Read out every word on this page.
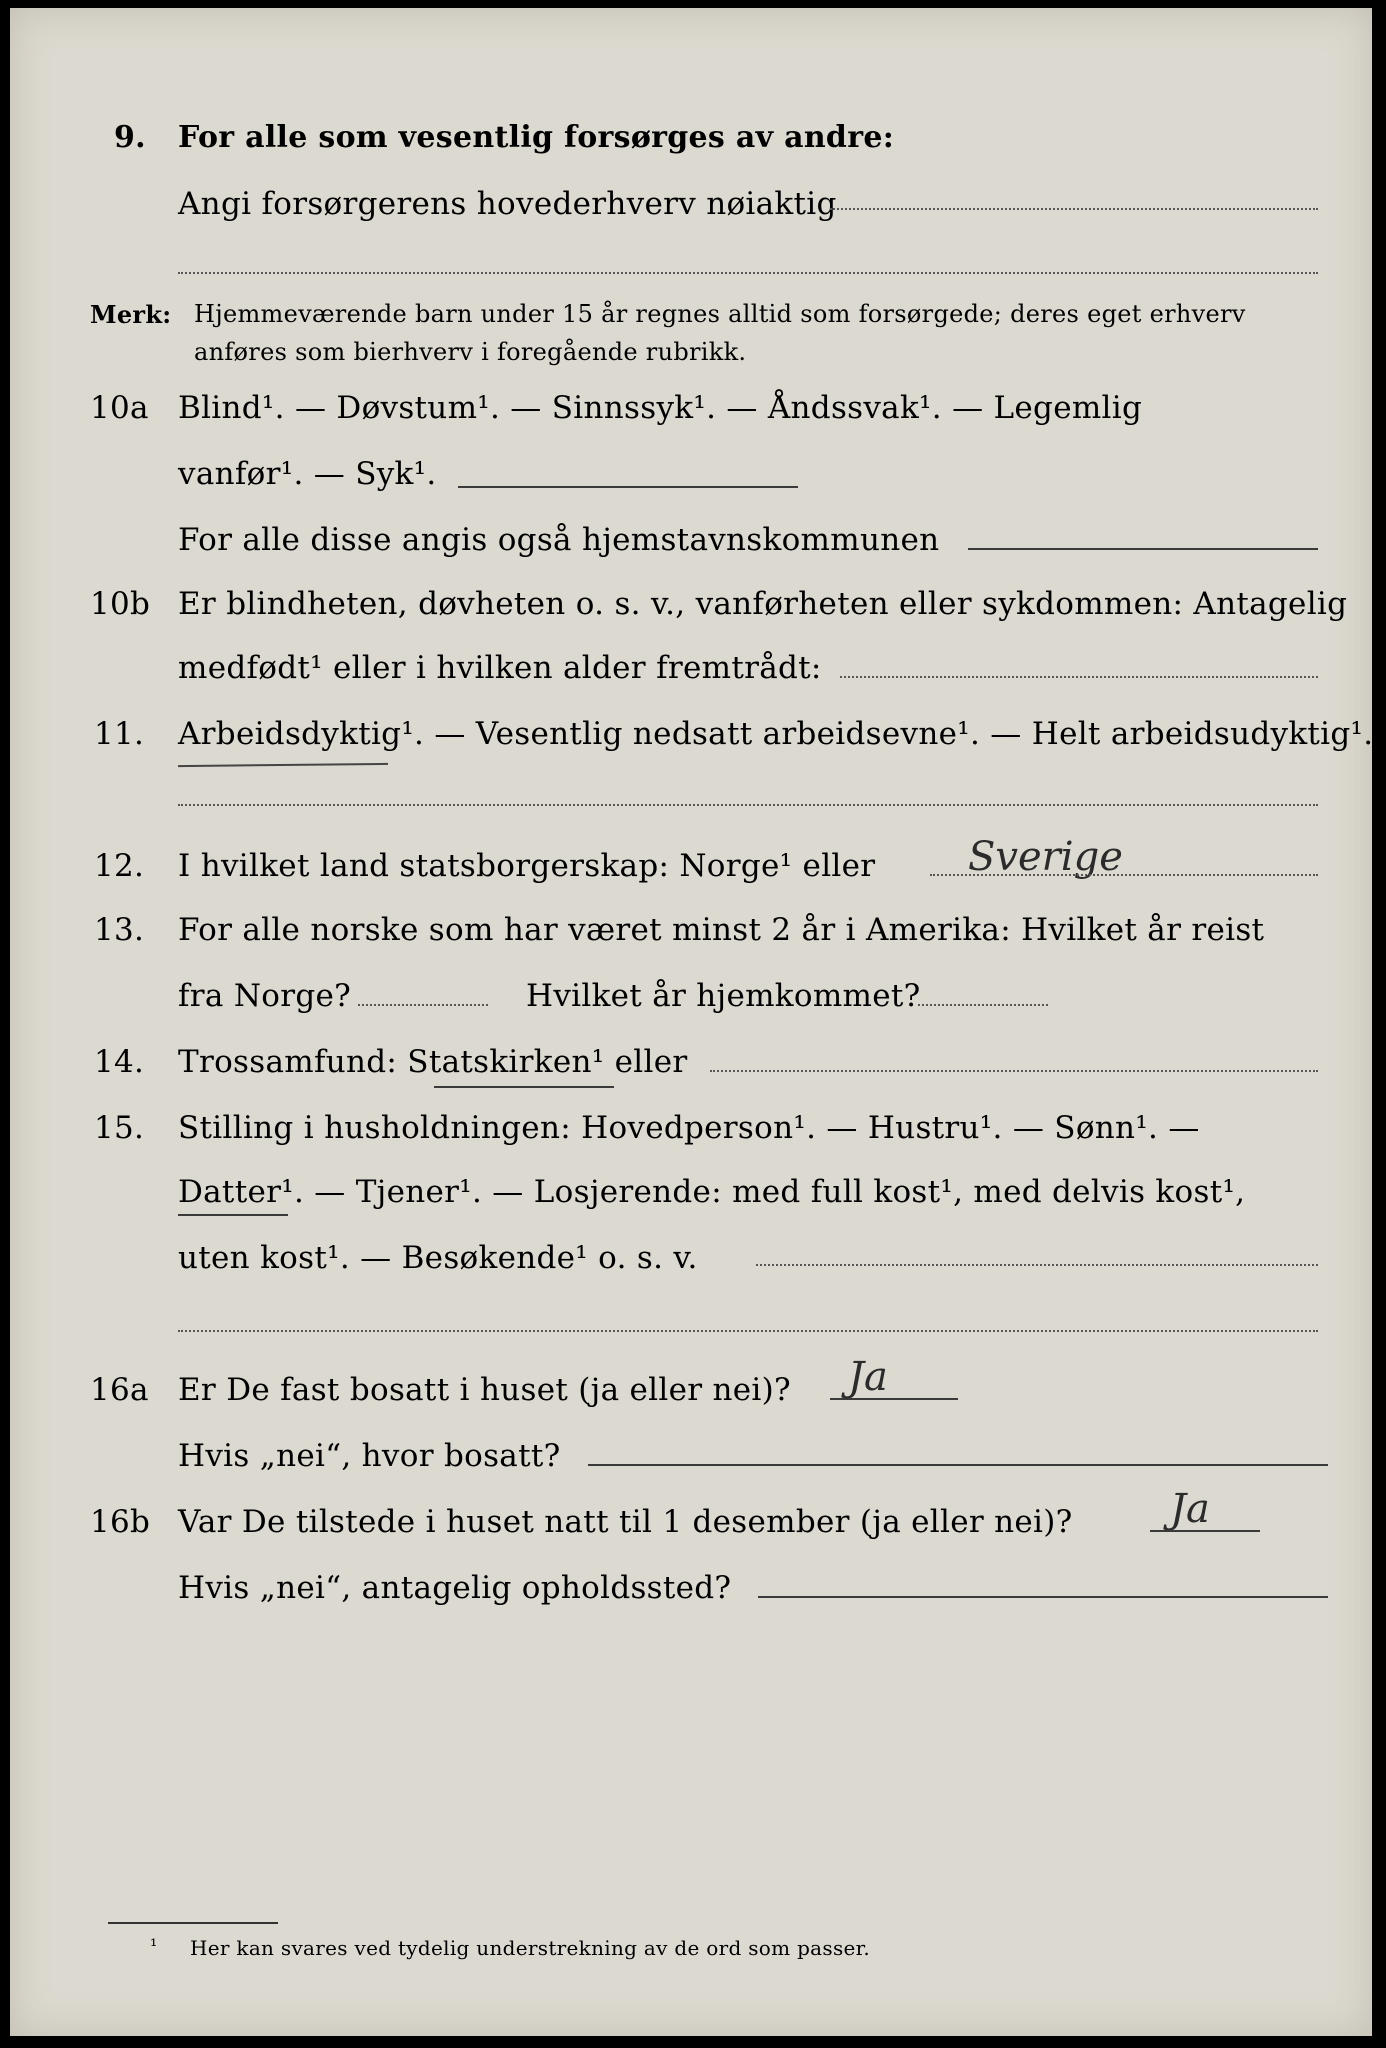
9. For alle som vesentlig forsørges av andre:
Angi forsørgerens hovederhverv nøiaktig
Merk: Hjemmeværende barn under 15 år regnes alltid som forsørgede; deres eget erhverv
anføres som bierhverv i foregående rubrikk.
10a Blind¹. — Døvstum¹. — Sinnssyk¹. — Åndssvak¹. — Legemlig
vanfør¹. — Syk¹.
For alle disse angis også hjemstavnskommunen
10b Er blindheten, døvheten o. s. v., vanførheten eller sykdommen: Antagelig
medfødt¹ eller i hvilken alder fremtrådt:
11. Arbeidsdyktig¹. — Vesentlig nedsatt arbeidsevne¹. — Helt arbeidsudyktig¹.
12. I hvilket land statsborgerskap: Norge¹ eller Sverige
13. For alle norske som har været minst 2 år i Amerika: Hvilket år reist
fra Norge?	Hvilket år hjemkommet?
14. Trossamfund: Statskirken¹ eller
15. Stilling i husholdningen: Hovedperson¹. — Hustru¹. — Sønn¹. —
Datter¹. — Tjener¹. — Losjerende: med full kost¹, med delvis kost¹,
uten kost¹. — Besøkende¹ o. s. v.
16a Er De fast bosatt i huset (ja eller nei)? Ja
Hvis „nei“, hvor bosatt?
16b Var De tilstede i huset natt til 1 desember (ja eller nei)? Ja
Hvis „nei“, antagelig opholdssted?
¹ Her kan svares ved tydelig understrekning av de ord som passer.
